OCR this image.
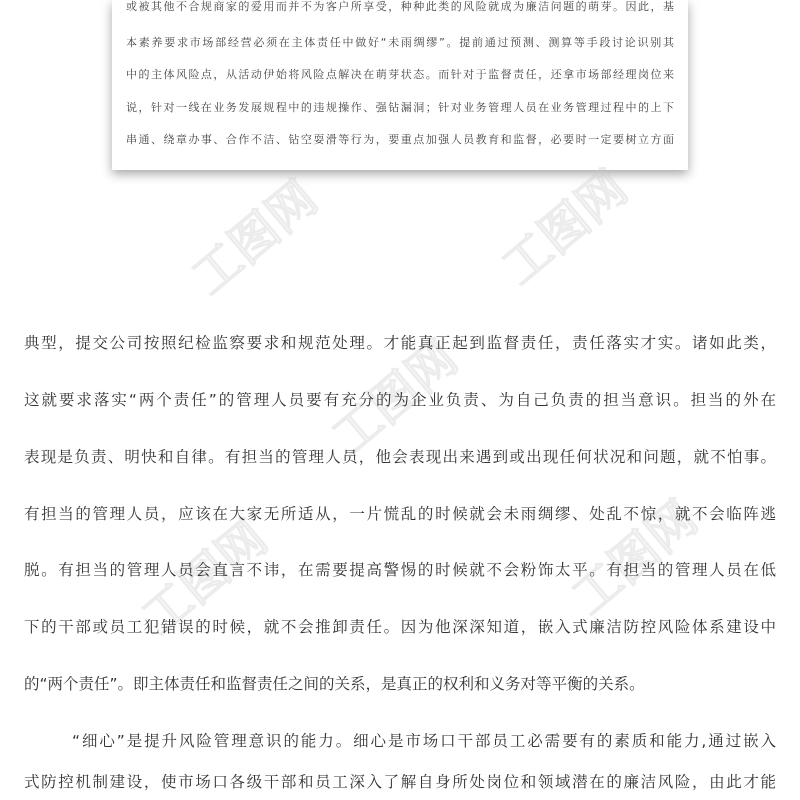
或被其他不合规商家的爱用而并不为客户所享受，种种此类的风险就成为廉洁问题的萌芽。因此，基
本素养要求市场部经营必须在主体责任中做好“未雨绸缪”。提前通过预测、测算等手段讨论识别其
中的主体风险点，从活动伊始将风险点解决在萌芽状态。而针对于监督责任，还拿市场部经理岗位来
说，针对一线在业务发展规程中的违规操作、强钻漏洞；针对业务管理人员在业务管理过程中的上下
串通、绕章办事、合作不洁、钻空耍滑等行为，要重点加强人员教育和监督，必要时一定要树立方面
工图网	工图网
工图网
工图网
工图网
典型，提交公司按照纪检监察要求和规范处理。才能真正起到监督责任，责任落实才实。诸如此类，
这就要求落实“两个责任”的管理人员要有充分的为企业负责、为自己负责的担当意识。担当的外在
表现是负责、明快和自律。有担当的管理人员，他会表现出来遇到或出现任何状况和问题，就不怕事。
有担当的管理人员，应该在大家无所适从，一片慌乱的时候就会未雨绸缪、处乱不惊，就不会临阵逃
脱。有担当的管理人员会直言不讳，在需要提高警惕的时候就不会粉饰太平。有担当的管理人员在低
下的干部或员工犯错误的时候，就不会推卸责任。因为他深深知道，嵌入式廉洁防控风险体系建设中
的“两个责任”。即主体责任和监督责任之间的关系，是真正的权利和义务对等平衡的关系。
“细心”是提升风险管理意识的能力。细心是市场口干部员工必需要有的素质和能力,通过嵌入
式防控机制建设，使市场口各级干部和员工深入了解自身所处岗位和领域潜在的廉洁风险，由此才能
